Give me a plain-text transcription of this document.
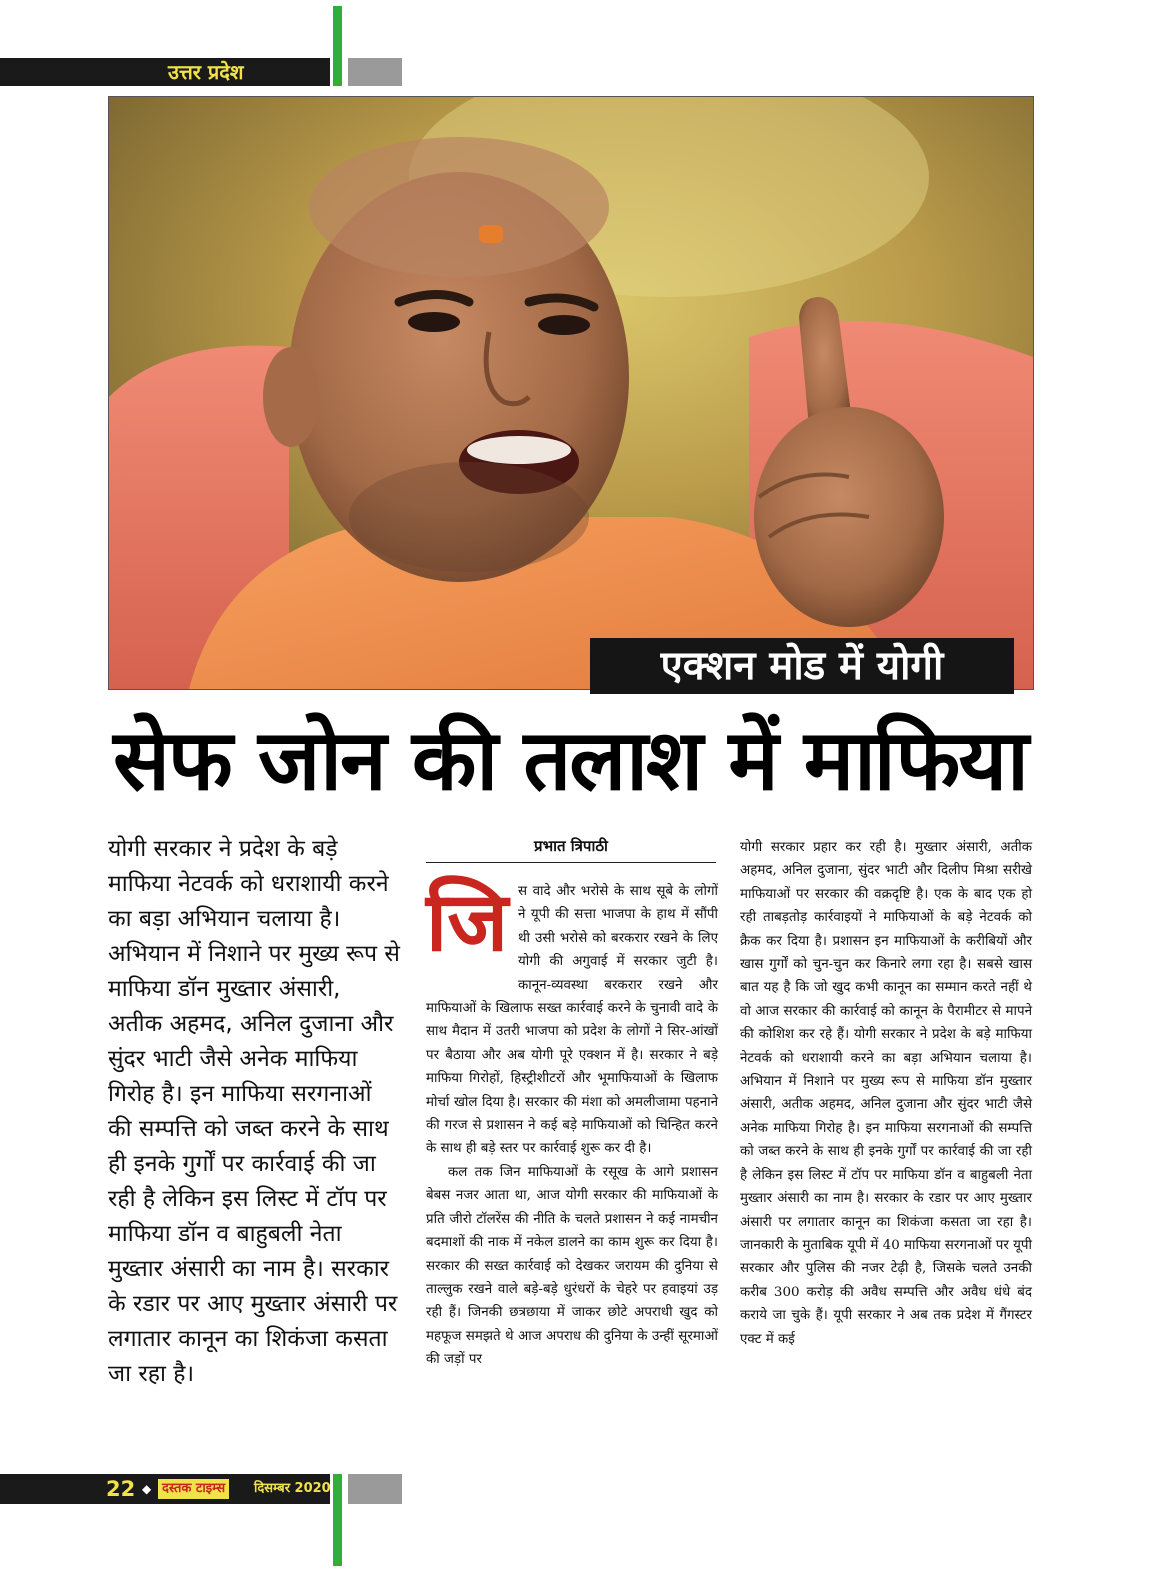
उत्तर प्रदेश
एक्शन मोड में योगी
सेफ जोन की तलाश में माफिया
योगी सरकार ने प्रदेश के बड़े माफिया नेटवर्क को धराशायी करने का बड़ा अभियान चलाया है। अभियान में निशाने पर मुख्य रूप से माफिया डॉन मुख्तार अंसारी, अतीक अहमद, अनिल दुजाना और सुंदर भाटी जैसे अनेक माफिया गिरोह है। इन माफिया सरगनाओं की सम्पत्ति को जब्त करने के साथ ही इनके गुर्गों पर कार्रवाई की जा रही है लेकिन इस लिस्ट में टॉप पर माफिया डॉन व बाहुबली नेता मुख्तार अंसारी का नाम है। सरकार के रडार पर आए मुख्तार अंसारी पर लगातार कानून का शिकंजा कसता जा रहा है।
प्रभात त्रिपाठी
जि स वादे और भरोसे के साथ सूबे के लोगों ने यूपी की सत्ता भाजपा के हाथ में सौंपी थी उसी भरोसे को बरकरार रखने के लिए योगी की अगुवाई में सरकार जुटी है। कानून-व्यवस्था बरकरार रखने और माफियाओं के खिलाफ सख्त कार्रवाई करने के चुनावी वादे के साथ मैदान में उतरी भाजपा को प्रदेश के लोगों ने सिर-आंखों पर बैठाया और अब योगी पूरे एक्शन में है। सरकार ने बड़े माफिया गिरोहों, हिस्ट्रीशीटरों और भूमाफियाओं के खिलाफ मोर्चा खोल दिया है। सरकार की मंशा को अमलीजामा पहनाने की गरज से प्रशासन ने कई बड़े माफियाओं को चिन्हित करने के साथ ही बड़े स्तर पर कार्रवाई शुरू कर दी है।

कल तक जिन माफियाओं के रसूख के आगे प्रशासन बेबस नजर आता था, आज योगी सरकार की माफियाओं के प्रति जीरो टॉलरेंस की नीति के चलते प्रशासन ने कई नामचीन बदमाशों की नाक में नकेल डालने का काम शुरू कर दिया है। सरकार की सख्त कार्रवाई को देखकर जरायम की दुनिया से ताल्लुक रखने वाले बड़े-बड़े धुरंधरों के चेहरे पर हवाइयां उड़ रही हैं। जिनकी छत्रछाया में जाकर छोटे अपराधी खुद को महफूज समझते थे आज अपराध की दुनिया के उन्हीं सूरमाओं की जड़ों पर

योगी सरकार प्रहार कर रही है। मुख्तार अंसारी, अतीक अहमद, अनिल दुजाना, सुंदर भाटी और दिलीप मिश्रा सरीखे माफियाओं पर सरकार की वक्रदृष्टि है। एक के बाद एक हो रही ताबड़तोड़ कार्रवाइयों ने माफियाओं के बड़े नेटवर्क को क्रैक कर दिया है। प्रशासन इन माफियाओं के करीबियों और खास गुर्गों को चुन-चुन कर किनारे लगा रहा है। सबसे खास बात यह है कि जो खुद कभी कानून का सम्मान करते नहीं थे वो आज सरकार की कार्रवाई को कानून के पैरामीटर से मापने की कोशिश कर रहे हैं। योगी सरकार ने प्रदेश के बड़े माफिया नेटवर्क को धराशायी करने का बड़ा अभियान चलाया है। अभियान में निशाने पर मुख्य रूप से माफिया डॉन मुख्तार अंसारी, अतीक अहमद, अनिल दुजाना और सुंदर भाटी जैसे अनेक माफिया गिरोह है। इन माफिया सरगनाओं की सम्पत्ति को जब्त करने के साथ ही इनके गुर्गों पर कार्रवाई की जा रही है लेकिन इस लिस्ट में टॉप पर माफिया डॉन व बाहुबली नेता मुख्तार अंसारी का नाम है। सरकार के रडार पर आए मुख्तार अंसारी पर लगातार कानून का शिकंजा कसता जा रहा है। जानकारी के मुताबिक यूपी में 40 माफिया सरगनाओं पर यूपी सरकार और पुलिस की नजर टेढ़ी है, जिसके चलते उनकी करीब 300 करोड़ की अवैध सम्पत्ति और अवैध धंधे बंद कराये जा चुके हैं। यूपी सरकार ने अब तक प्रदेश में गैंगस्टर एक्ट में कई

22 ◆ दस्तक टाइम्स	दिसम्बर 2020
